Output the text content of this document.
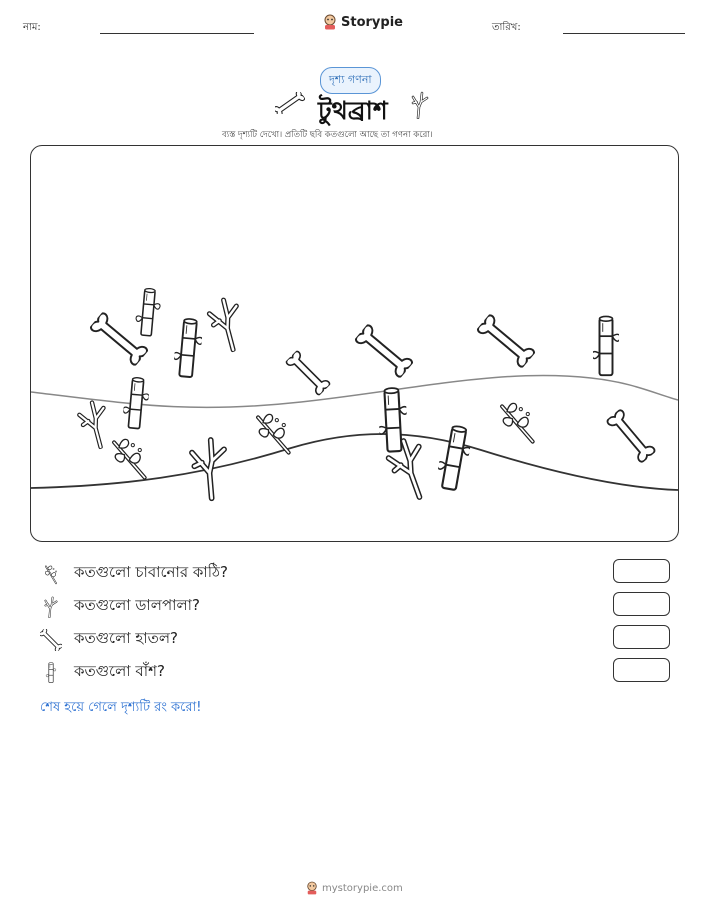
নাম:	Storypie	তারিখ:
দৃশ্য গণনা
টুথব্রাশ
ব্যস্ত দৃশ্যটি দেখো। প্রতিটি ছবি কতগুলো আছে তা গণনা করো।
কতগুলো চাবানোর কাঠি?
কতগুলো ডালপালা?
কতগুলো হাতল?
কতগুলো বাঁশ?
শেষ হয়ে গেলে দৃশ্যটি রং করো!
mystorypie.com
